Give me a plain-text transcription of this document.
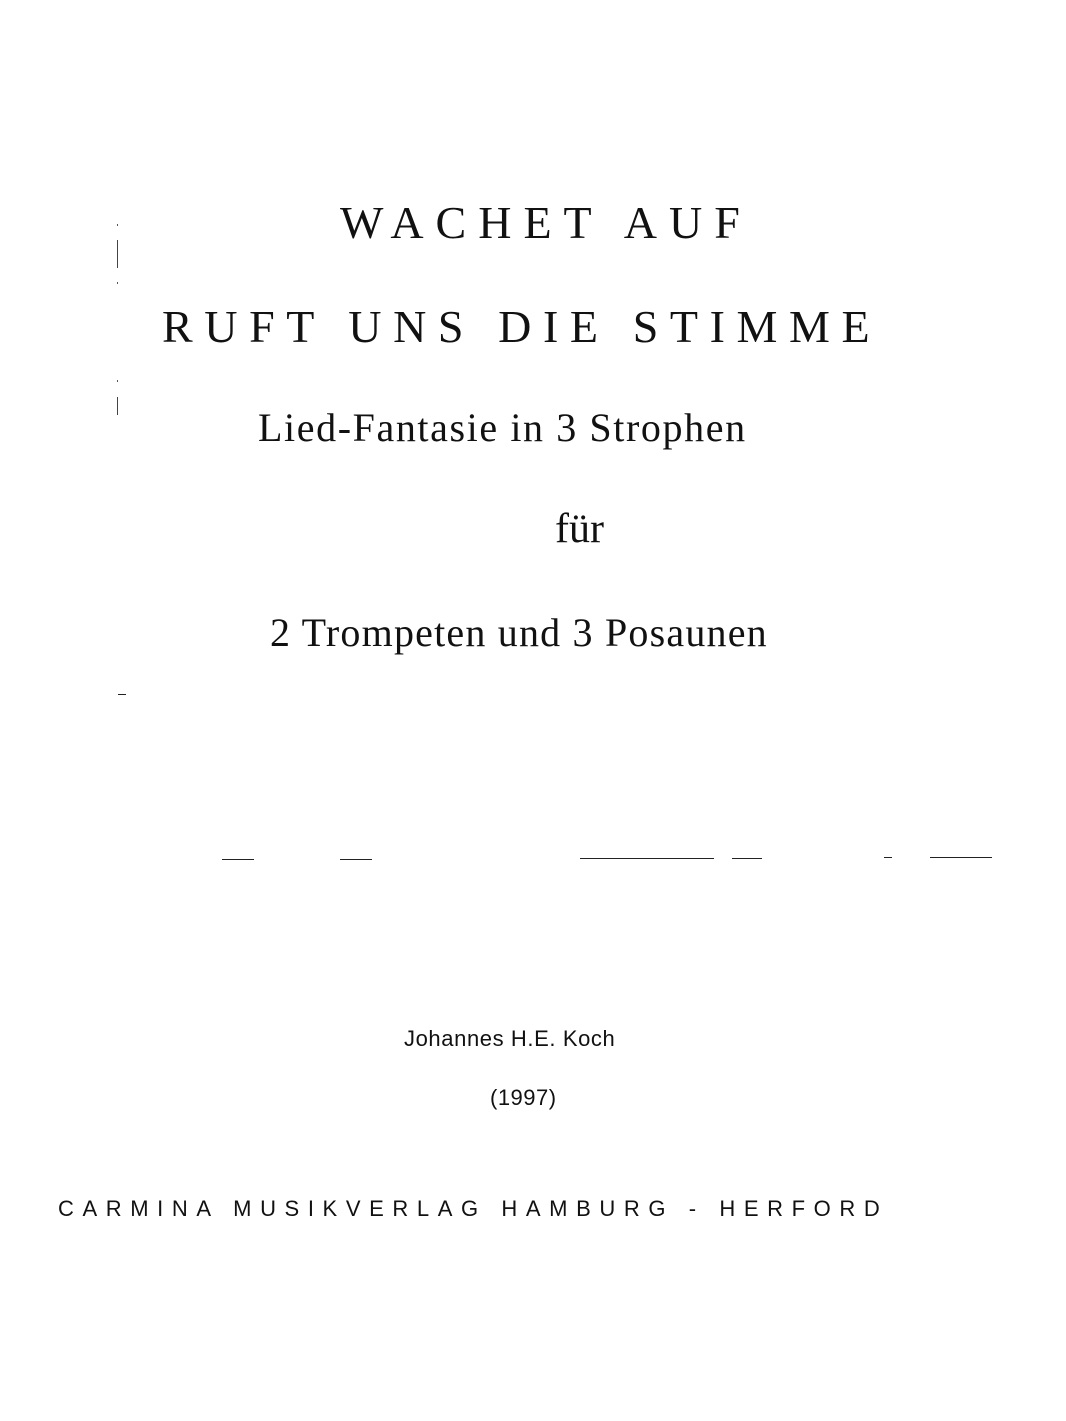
WACHET AUF
RUFT UNS DIE STIMME
Lied-Fantasie in 3 Strophen

für

2 Trompeten und 3 Posaunen

Johannes H.E. Koch

(1997)

CARMINA MUSIKVERLAG HAMBURG - HERFORD
